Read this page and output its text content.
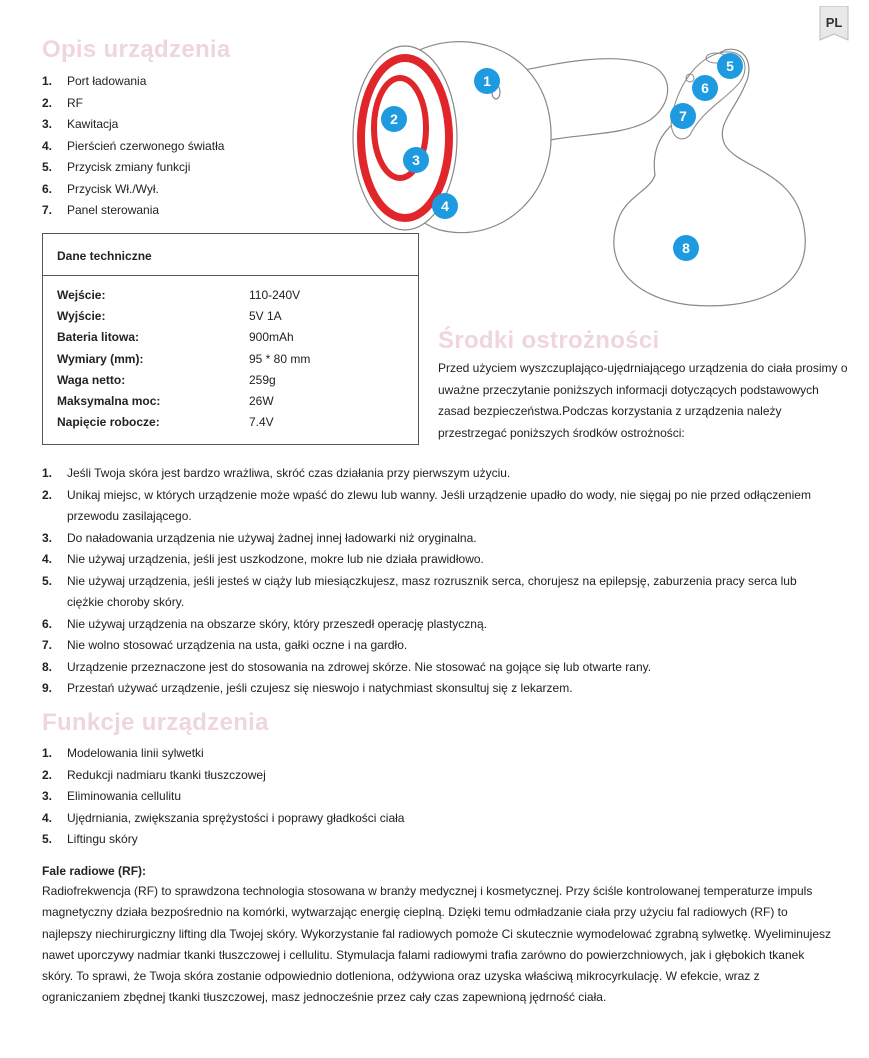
PL
Opis urządzenia
1.	Port ładowania
2.	RF
3.	Kawitacja
4.	Pierścień czerwonego światła
5.	Przycisk zmiany funkcji
6.	Przycisk Wł./Wył.
7.	Panel sterowania
Dane techniczne
Wejście:	110-240V
Wyjście:	5V 1A
Bateria litowa:	900mAh
Wymiary (mm):	95 * 80 mm
Waga netto:	259g
Maksymalna moc:	26W
Napięcie robocze:	7.4V
1
2
3
4
5
6
7
8
Środki ostrożności
Przed użyciem wyszczuplająco-ujędrniającego urządzenia do ciała prosimy o uważne przeczytanie poniższych informacji dotyczących podstawowych zasad bezpieczeństwa.Podczas korzystania z urządzenia należy przestrzegać poniższych środków ostrożności:
1.	Jeśli Twoja skóra jest bardzo wrażliwa, skróć czas działania przy pierwszym użyciu.
2.	Unikaj miejsc, w których urządzenie może wpaść do zlewu lub wanny. Jeśli urządzenie upadło do wody, nie sięgaj po nie przed odłączeniem przewodu zasilającego.
3.	Do naładowania urządzenia nie używaj żadnej innej ładowarki niż oryginalna.
4.	Nie używaj urządzenia, jeśli jest uszkodzone, mokre lub nie działa prawidłowo.
5.	Nie używaj urządzenia, jeśli jesteś w ciąży lub miesiączkujesz, masz rozrusznik serca, chorujesz na epilepsję, zaburzenia pracy serca lub ciężkie choroby skóry.
6.	Nie używaj urządzenia na obszarze skóry, który przeszedł operację plastyczną.
7.	Nie wolno stosować urządzenia na usta, gałki oczne i na gardło.
8.	Urządzenie przeznaczone jest do stosowania na zdrowej skórze. Nie stosować na gojące się lub otwarte rany.
9.	Przestań używać urządzenie, jeśli czujesz się nieswojo i natychmiast skonsultuj się z lekarzem.
Funkcje urządzenia
1.	Modelowania linii sylwetki
2.	Redukcji nadmiaru tkanki tłuszczowej
3.	Eliminowania cellulitu
4.	Ujędrniania, zwiększania sprężystości i poprawy gładkości ciała
5.	Liftingu skóry
Fale radiowe (RF):
Radiofrekwencja (RF) to sprawdzona technologia stosowana w branży medycznej i kosmetycznej. Przy ściśle kontrolowanej temperaturze impuls magnetyczny działa bezpośrednio na komórki, wytwarzając energię cieplną. Dzięki temu odmładzanie ciała przy użyciu fal radiowych (RF) to najlepszy niechirurgiczny lifting dla Twojej skóry. Wykorzystanie fal radiowych pomoże Ci skutecznie wymodelować zgrabną sylwetkę. Wyeliminujesz nawet uporczywy nadmiar tkanki tłuszczowej i cellulitu. Stymulacja falami radiowymi trafia zarówno do powierzchniowych, jak i głębokich tkanek skóry. To sprawi, że Twoja skóra zostanie odpowiednio dotleniona, odżywiona oraz uzyska właściwą mikrocyrkulację. W efekcie, wraz z ograniczaniem zbędnej tkanki tłuszczowej, masz jednocześnie przez cały czas zapewnioną jędrność ciała.
